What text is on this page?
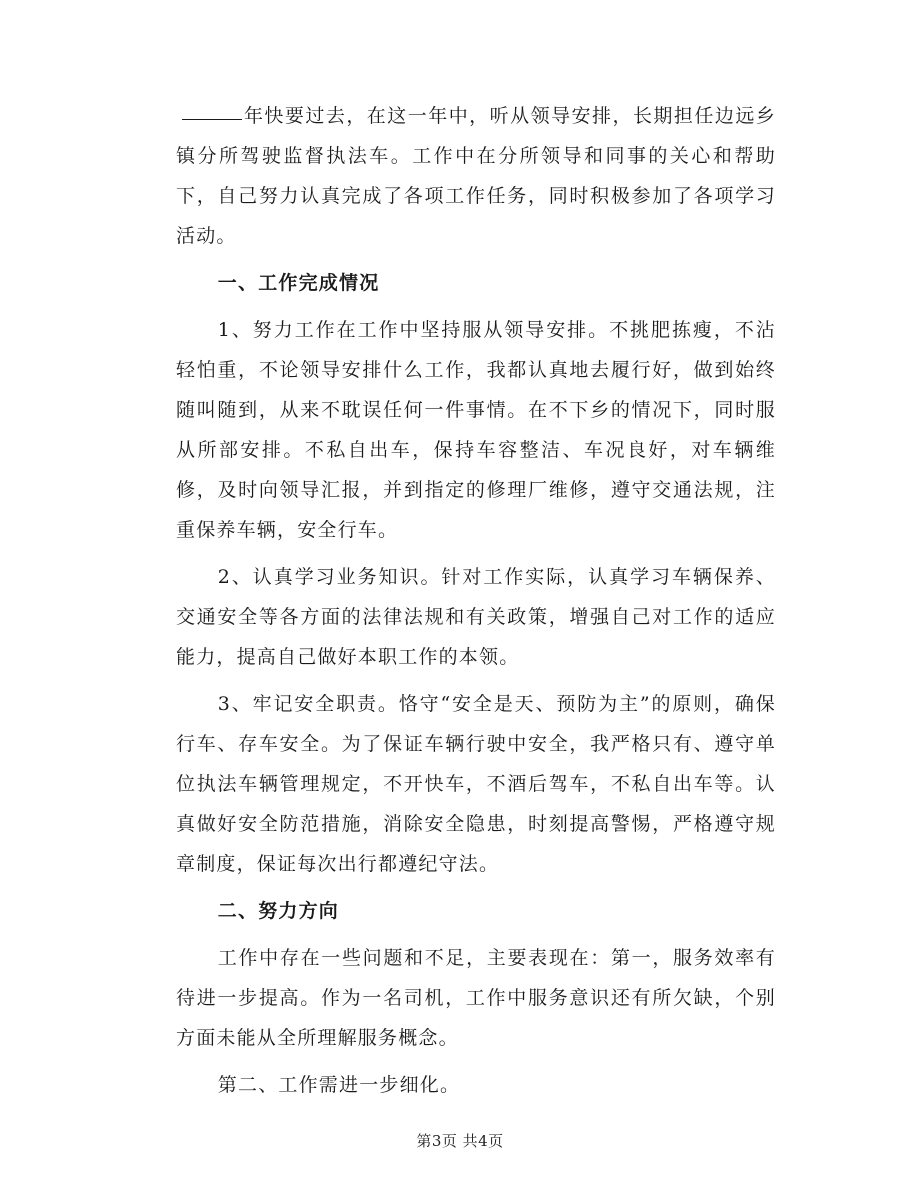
年快要过去，在这一年中，听从领导安排，长期担任边远乡镇分所驾驶监督执法车。工作中在分所领导和同事的关心和帮助下，自己努力认真完成了各项工作任务，同时积极参加了各项学习活动。

一、工作完成情况

1、努力工作在工作中坚持服从领导安排。不挑肥拣瘦，不沾轻怕重，不论领导安排什么工作，我都认真地去履行好，做到始终随叫随到，从来不耽误任何一件事情。在不下乡的情况下，同时服从所部安排。不私自出车，保持车容整洁、车况良好，对车辆维修，及时向领导汇报，并到指定的修理厂维修，遵守交通法规，注重保养车辆，安全行车。

2、认真学习业务知识。针对工作实际，认真学习车辆保养、交通安全等各方面的法律法规和有关政策，增强自己对工作的适应能力，提高自己做好本职工作的本领。

3、牢记安全职责。恪守“安全是天、预防为主”的原则，确保行车、存车安全。为了保证车辆行驶中安全，我严格只有、遵守单位执法车辆管理规定，不开快车，不酒后驾车，不私自出车等。认真做好安全防范措施，消除安全隐患，时刻提高警惕，严格遵守规章制度，保证每次出行都遵纪守法。

二、努力方向

工作中存在一些问题和不足，主要表现在：第一，服务效率有待进一步提高。作为一名司机，工作中服务意识还有所欠缺，个别方面未能从全所理解服务概念。

第二、工作需进一步细化。

第3页 共4页
